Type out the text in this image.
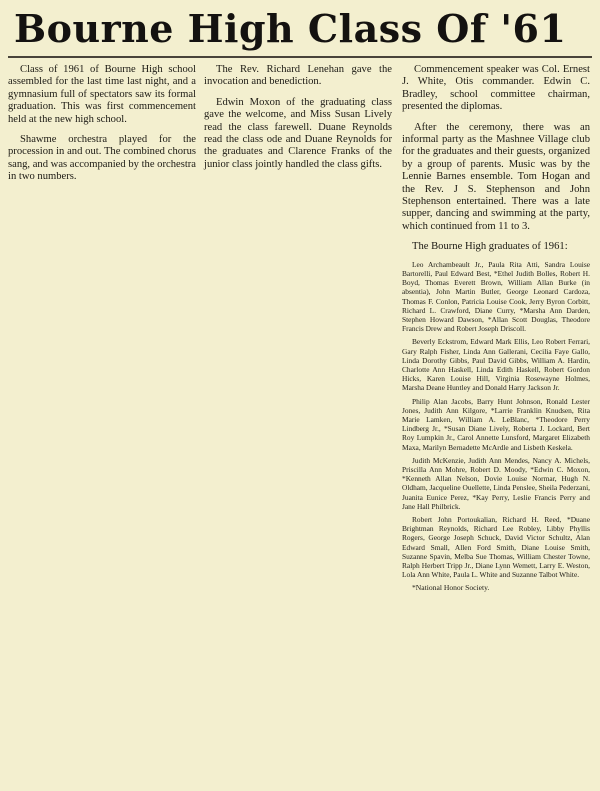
Bourne High Class Of '61

Class of 1961 of Bourne High school assembled for the last time last night, and a gymnasium full of spectators saw its formal graduation. This was first commencement held at the new high school.

Shawme orchestra played for the procession in and out. The combined chorus sang, and was accompanied by the orchestra in two numbers.

The Rev. Richard Lenehan gave the invocation and benediction.

Edwin Moxon of the graduating class gave the welcome, and Miss Susan Lively read the class farewell. Duane Reynolds read the class ode and Duane Reynolds for the graduates and Clarence Franks of the junior class jointly handled the class gifts.

Commencement speaker was Col. Ernest J. White, Otis commander. Edwin C. Bradley, school committee chairman, presented the diplomas.

After the ceremony, there was an informal party as the Mashnee Village club for the graduates and their guests, organized by a group of parents. Music was by the Lennie Barnes ensemble. Tom Hogan and the Rev. J S. Stephenson and John Stephenson entertained. There was a late supper, dancing and swimming at the party, which continued from 11 to 3.

The Bourne High graduates of 1961:

Leo Archambeault Jr., Paula Rita Atti, Sandra Louise Bartorelli, Paul Edward Best, *Ethel Judith Bolles, Robert H. Boyd, Thomas Everett Brown, William Allan Burke (in absentia), John Martin Butler, George Leonard Cardoza, Thomas F. Conlon, Patricia Louise Cook, Jerry Byron Corbitt, Richard L. Crawford, Diane Curry, *Marsha Ann Darden, Stephen Howard Dawson, *Allan Scott Douglas, Theodore Francis Drew and Robert Joseph Driscoll.

Beverly Eckstrom, Edward Mark Ellis, Leo Robert Ferrari, Gary Ralph Fisher, Linda Ann Gallerani, Cecilia Faye Gallo, Linda Dorothy Gibbs, Paul David Gibbs, William A. Hardin, Charlotte Ann Haskell, Linda Edith Haskell, Robert Gordon Hicks, Karen Louise Hill, Virginia Rosewayne Holmes, Marsha Deane Huntley and Donald Harry Jackson Jr.

Philip Alan Jacobs, Barry Hunt Johnson, Ronald Lester Jones, Judith Ann Kilgore, *Larrie Franklin Knudsen, Rita Marie Lamken, William A. LeBlanc, *Theodore Perry Lindberg Jr., *Susan Diane Lively, Roberta J. Lockard, Bert Roy Lumpkin Jr., Carol Annette Lunsford, Margaret Elizabeth Maxa, Marilyn Bernadette McArdle and Lisbeth Keskela.

Judith McKenzie, Judith Ann Mendes, Nancy A. Michels, Priscilla Ann Mohre, Robert D. Moody, *Edwin C. Moxon, *Kenneth Allan Nelson, Dovie Louise Normar, Hugh N. Oldham, Jacqueline Ouellette, Linda Penslee, Sheila Pederzani, Juanita Eunice Perez, *Kay Perry, Leslie Francis Perry and Jane Hall Philbrick.

Robert John Portoukalian, Richard H. Reed, *Duane Brightman Reynolds, Richard Lee Robley, Libby Phyllis Rogers, George Joseph Schuck, David Victor Schultz, Alan Edward Small, Allen Ford Smith, Diane Louise Smith, Suzanne Spavin, Melba Sue Thomas, William Chester Towne, Ralph Herbert Tripp Jr., Diane Lynn Wemett, Larry E. Weston, Lola Ann White, Paula L. White and Suzanne Talbot White.

*National Honor Society.
